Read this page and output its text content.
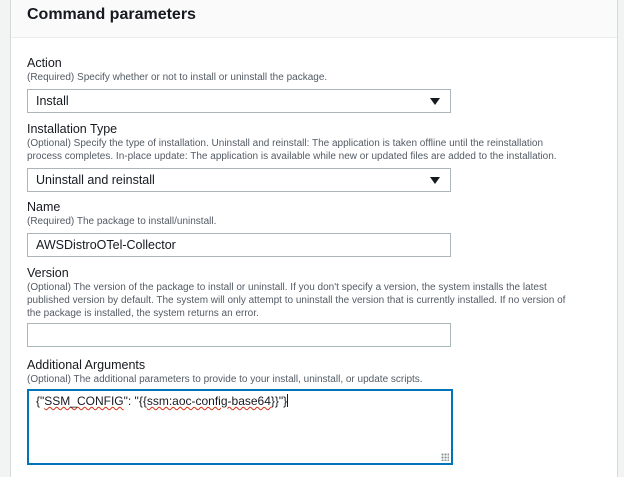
Command parameters
Action
(Required) Specify whether or not to install or uninstall the package.
Install
Installation Type
(Optional) Specify the type of installation. Uninstall and reinstall: The application is taken offline until the reinstallation
process completes. In-place update: The application is available while new or updated files are added to the installation.
Uninstall and reinstall
Name
(Required) The package to install/uninstall.
AWSDistroOTel-Collector
Version
(Optional) The version of the package to install or uninstall. If you don't specify a version, the system installs the latest
published version by default. The system will only attempt to uninstall the version that is currently installed. If no version of
the package is installed, the system returns an error.
Additional Arguments
(Optional) The additional parameters to provide to your install, uninstall, or update scripts.
{"SSM_CONFIG": "{{ssm:aoc-config-base64}}"}
